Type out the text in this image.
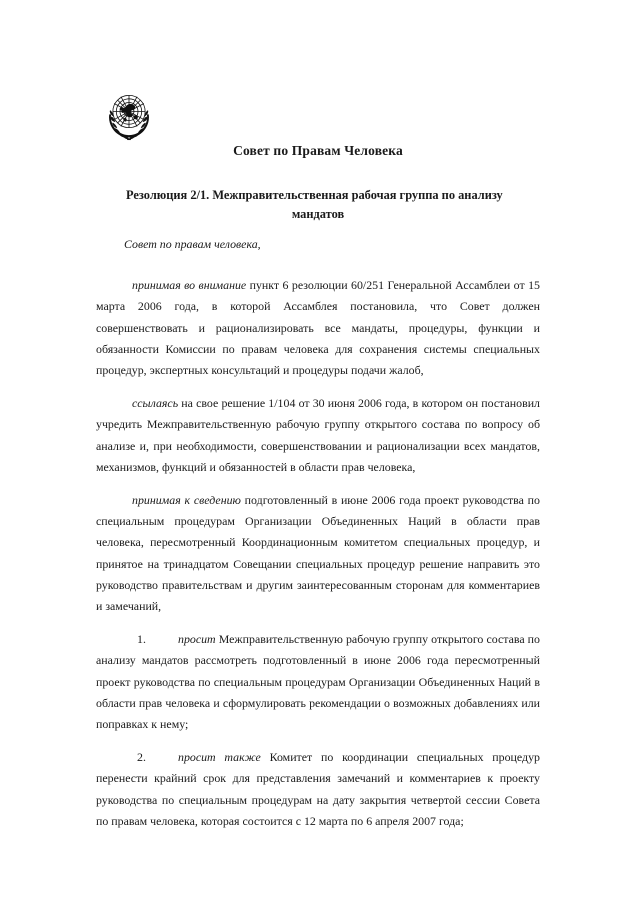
Совет по Правам Человека
Резолюция 2/1. Межправительственная рабочая группа по анализу
мандатов

Совет по правам человека,

принимая во внимание пункт 6 резолюции 60/251 Генеральной Ассамблеи от 15 марта 2006 года, в которой Ассамблея постановила, что Совет должен совершенствовать и рационализировать все мандаты, процедуры, функции и обязанности Комиссии по правам человека для сохранения системы специальных процедур, экспертных консультаций и процедуры подачи жалоб,

ссылаясь на свое решение 1/104 от 30 июня 2006 года, в котором он постановил учредить Межправительственную рабочую группу открытого состава по вопросу об анализе и, при необходимости, совершенствовании и рационализации всех мандатов, механизмов, функций и обязанностей в области прав человека,

принимая к сведению подготовленный в июне 2006 года проект руководства по специальным процедурам Организации Объединенных Наций в области прав человека, пересмотренный Координационным комитетом специальных процедур, и принятое на тринадцатом Совещании специальных процедур решение направить это руководство правительствам и другим заинтересованным сторонам для комментариев и замечаний,

1.	просит Межправительственную рабочую группу открытого состава по анализу мандатов рассмотреть подготовленный в июне 2006 года пересмотренный проект руководства по специальным процедурам Организации Объединенных Наций в области прав человека и сформулировать рекомендации о возможных добавлениях или поправках к нему;

2.	просит также Комитет по координации специальных процедур перенести крайний срок для представления замечаний и комментариев к проекту руководства по специальным процедурам на дату закрытия четвертой сессии Совета по правам человека, которая состоится с 12 марта по 6 апреля 2007 года;
